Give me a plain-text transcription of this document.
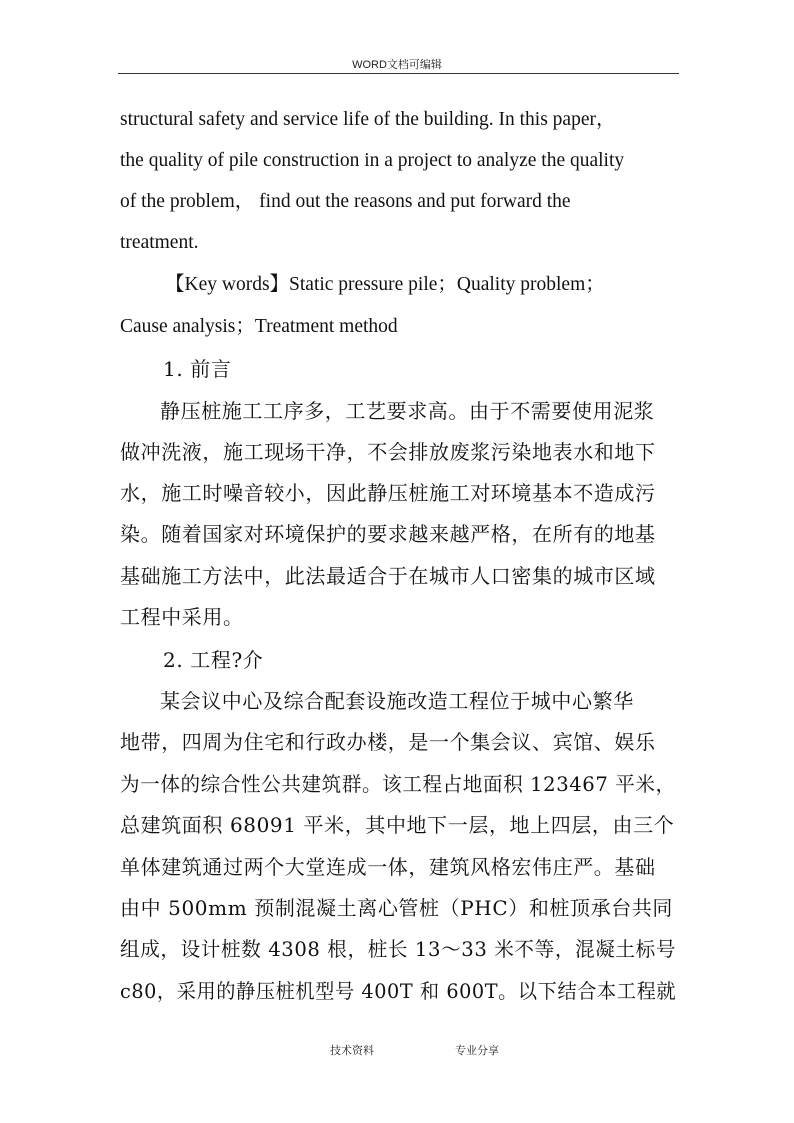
WORD文档可编辑
structural safety and service life of the building. In this paper，
the quality of pile construction in a project to analyze the quality
of the problem， find out the reasons and put forward the
treatment.
【Key words】Static pressure pile；Quality problem；
Cause analysis；Treatment method
1. 前言
静压桩施工工序多，工艺要求高。由于不需要使用泥浆
做冲洗液，施工现场干净，不会排放废浆污染地表水和地下
水，施工时噪音较小，因此静压桩施工对环境基本不造成污
染。随着国家对环境保护的要求越来越严格，在所有的地基
基础施工方法中，此法最适合于在城市人口密集的城市区域
工程中采用。
2. 工程?介
某会议中心及综合配套设施改造工程位于城中心繁华
地带，四周为住宅和行政办楼，是一个集会议、宾馆、娱乐
为一体的综合性公共建筑群。该工程占地面积 123467 平米，
总建筑面积 68091 平米，其中地下一层，地上四层，由三个
单体建筑通过两个大堂连成一体，建筑风格宏伟庄严。基础
由中 500mm 预制混凝土离心管桩（PHC）和桩顶承台共同
组成，设计桩数 4308 根，桩长 13～33 米不等，混凝土标号
c80，采用的静压桩机型号 400T 和 600T。以下结合本工程就
技术资料	专业分享
